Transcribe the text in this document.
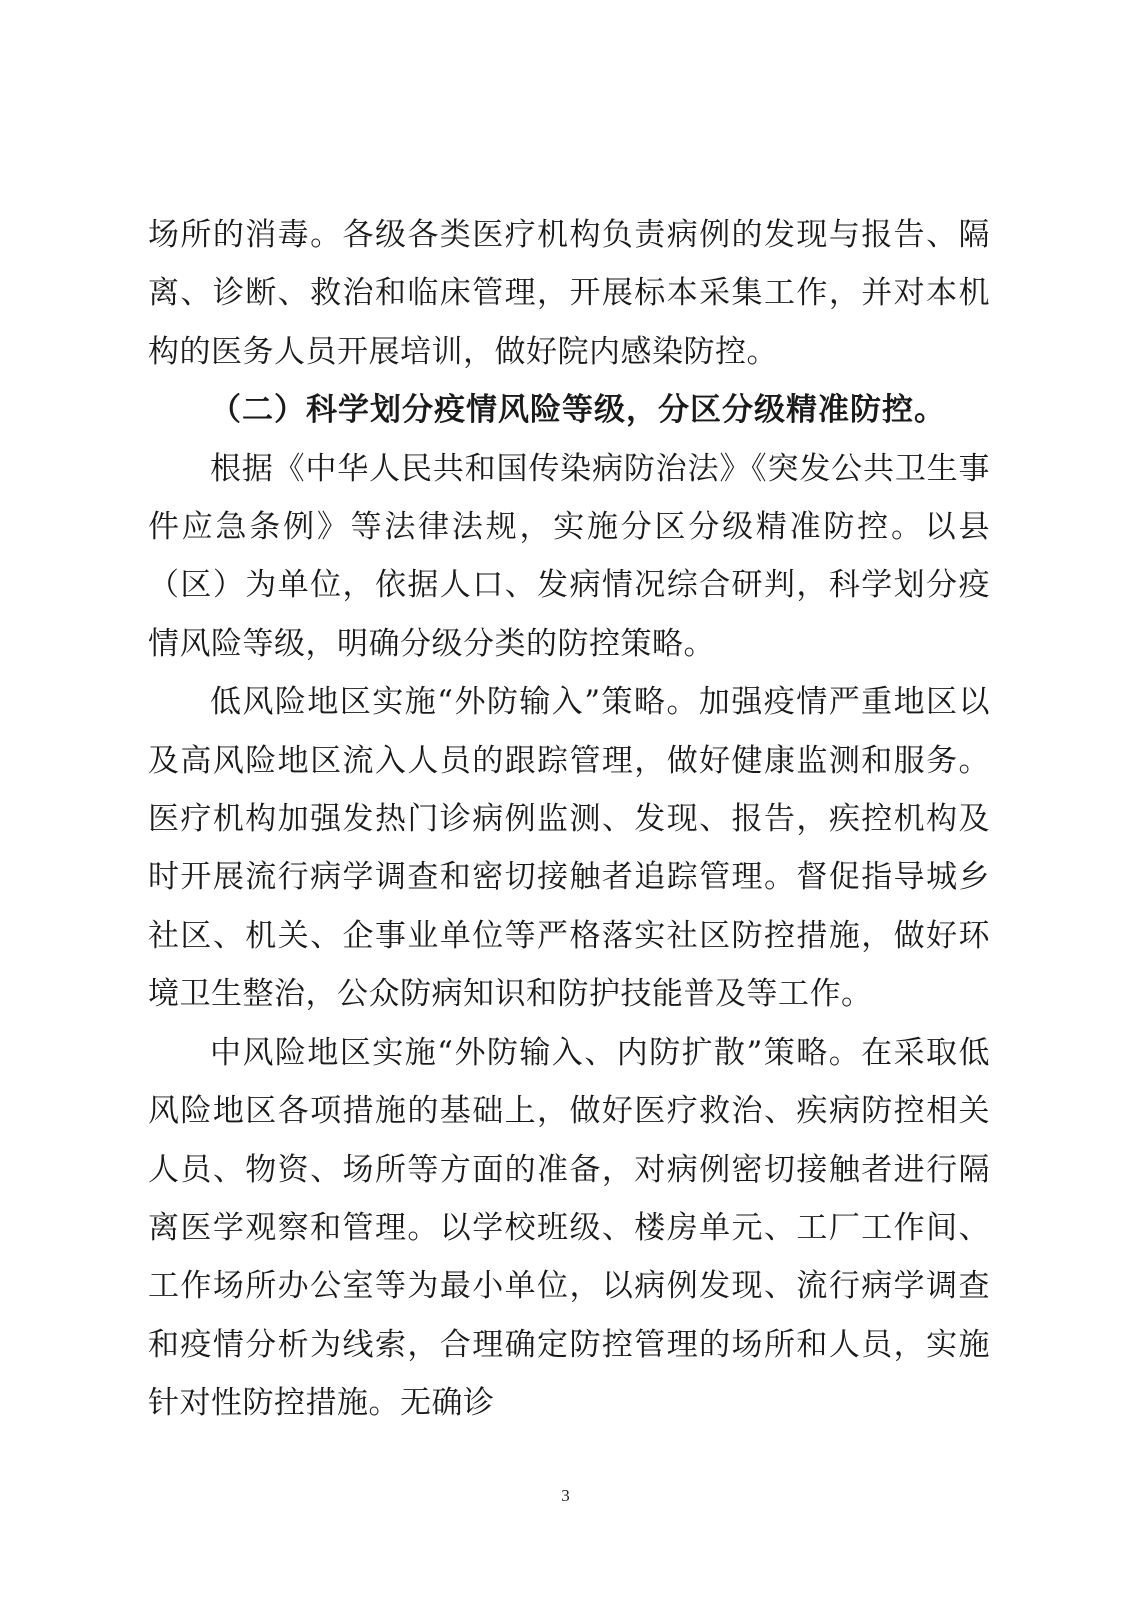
场所的消毒。各级各类医疗机构负责病例的发现与报告、隔离、诊断、救治和临床管理，开展标本采集工作，并对本机构的医务人员开展培训，做好院内感染防控。

（二）科学划分疫情风险等级，分区分级精准防控。

根据《中华人民共和国传染病防治法》《突发公共卫生事件应急条例》等法律法规，实施分区分级精准防控。以县（区）为单位，依据人口、发病情况综合研判，科学划分疫情风险等级，明确分级分类的防控策略。

低风险地区实施“外防输入”策略。加强疫情严重地区以及高风险地区流入人员的跟踪管理，做好健康监测和服务。医疗机构加强发热门诊病例监测、发现、报告，疾控机构及时开展流行病学调查和密切接触者追踪管理。督促指导城乡社区、机关、企事业单位等严格落实社区防控措施，做好环境卫生整治，公众防病知识和防护技能普及等工作。

中风险地区实施“外防输入、内防扩散”策略。在采取低风险地区各项措施的基础上，做好医疗救治、疾病防控相关人员、物资、场所等方面的准备，对病例密切接触者进行隔离医学观察和管理。以学校班级、楼房单元、工厂工作间、工作场所办公室等为最小单位，以病例发现、流行病学调查和疫情分析为线索，合理确定防控管理的场所和人员，实施针对性防控措施。无确诊

3
